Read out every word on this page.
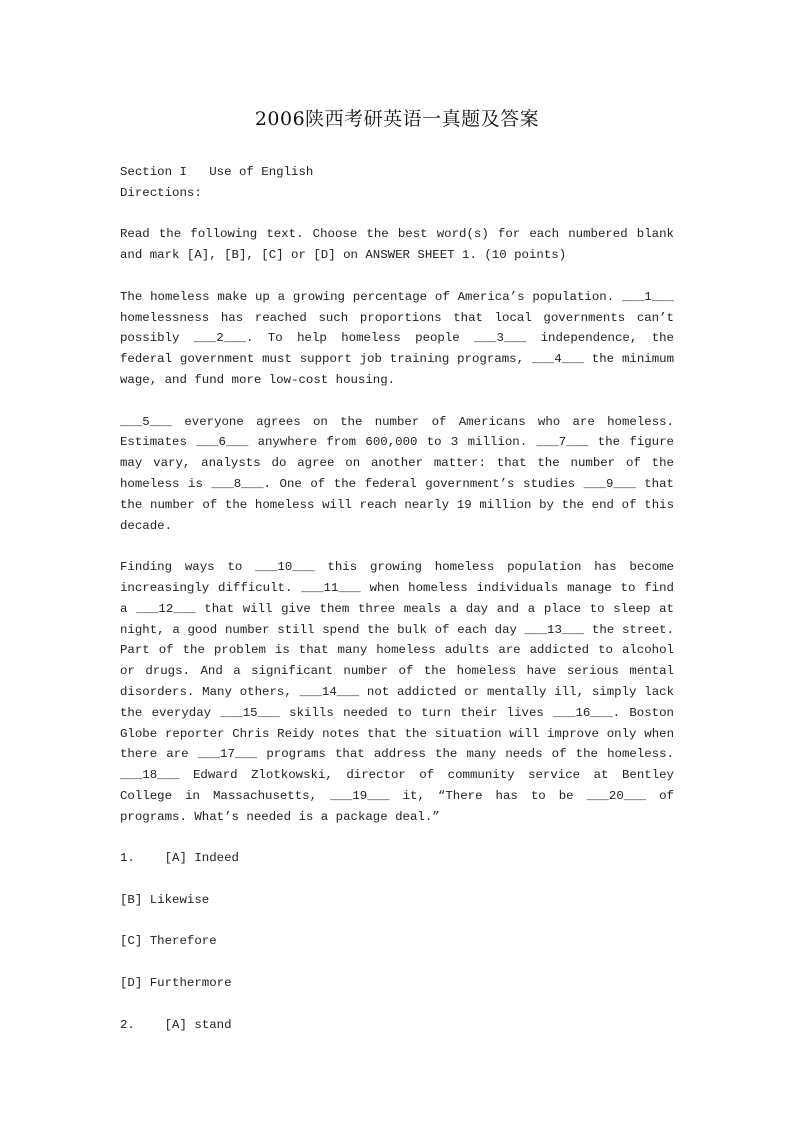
2006陕西考研英语一真题及答案
Section I   Use of English
Directions:

Read the following text. Choose the best word(s) for each numbered blank and mark [A], [B], [C] or [D] on ANSWER SHEET 1. (10 points)

The homeless make up a growing percentage of America’s population. ___1___ homelessness has reached such proportions that local governments can’t possibly ___2___. To help homeless people ___3___ independence, the federal government must support job training programs, ___4___ the minimum wage, and fund more low-cost housing.

___5___ everyone agrees on the number of Americans who are homeless. Estimates ___6___ anywhere from 600,000 to 3 million. ___7___ the figure may vary, analysts do agree on another matter: that the number of the homeless is ___8___. One of the federal government’s studies ___9___ that the number of the homeless will reach nearly 19 million by the end of this decade.

Finding ways to ___10___ this growing homeless population has become increasingly difficult. ___11___ when homeless individuals manage to find a ___12___ that will give them three meals a day and a place to sleep at night, a good number still spend the bulk of each day ___13___ the street. Part of the problem is that many homeless adults are addicted to alcohol or drugs. And a significant number of the homeless have serious mental disorders. Many others, ___14___ not addicted or mentally ill, simply lack the everyday ___15___ skills needed to turn their lives ___16___. Boston Globe reporter Chris Reidy notes that the situation will improve only when there are ___17___ programs that address the many needs of the homeless. ___18___ Edward Zlotkowski, director of community service at Bentley College in Massachusetts, ___19___ it, “There has to be ___20___ of programs. What’s needed is a package deal.”

1.    [A] Indeed
[B] Likewise
[C] Therefore
[D] Furthermore
2.    [A] stand
